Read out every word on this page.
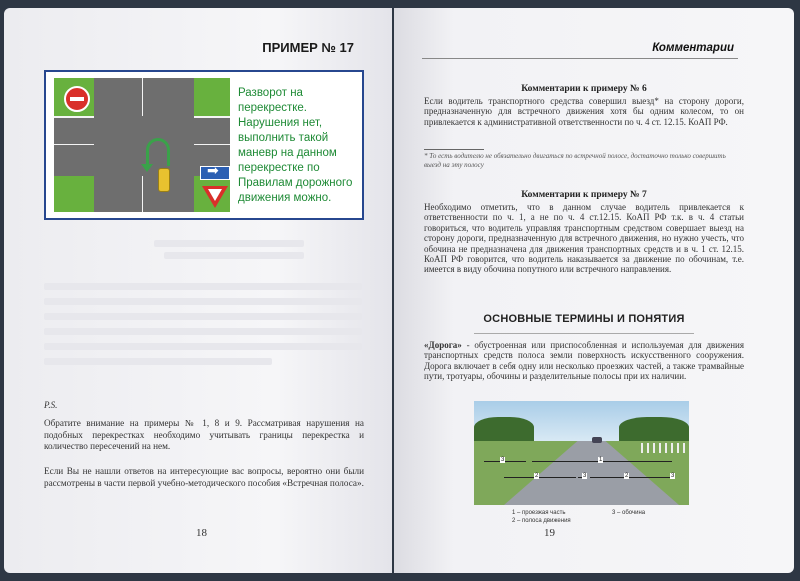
ПРИМЕР № 17
➡
Разворот на
перекрестке.
Нарушения нет,
выполнить такой
маневр на данном
перекрестке по
Правилам дорожного
движения можно.
P.S.
Обратите внимание на примеры № 1, 8 и 9. Рассматривая нарушения на подобных перекрестках необходимо учитывать границы перекрестка и количество пересечений на нем.
Если Вы не нашли ответов на интересующие вас вопросы, вероятно они были рассмотрены в части первой учебно-методического пособия «Встречная полоса».
18
Комментарии
Комментарии к примеру № 6
Если водитель транспортного средства совершил выезд* на сторону дороги, предназначенную для встречного движения хотя бы одним колесом, то он привлекается к административной ответственности по ч. 4 ст. 12.15. КоАП РФ.
* То есть водителю не обязательно двигаться по встречной полосе, достаточно только совершить выезд на эту полосу
Комментарии к примеру № 7
Необходимо отметить, что в данном случае водитель привлекается к ответственности по ч. 1, а не по ч. 4 ст.12.15. КоАП РФ т.к. в ч. 4 статьи говориться, что водитель управляя транспортным средством совершает выезд на сторону дороги, предназначенную для встречного движения, но нужно учесть, что обочина не предназначена для движения транспортных средств и в ч. 1 ст. 12.15. КоАП РФ говорится, что водитель наказывается за движение по обочинам, т.е. имеется в виду обочина попутного или встречного направления.
ОСНОВНЫЕ ТЕРМИНЫ И ПОНЯТИЯ
«Дорога» - обустроенная или приспособленная и используемая для движения транспортных средств полоса земли поверхность искусственного сооружения. Дорога включает в себя одну или несколько проезжих частей, а также трамвайные пути, тротуары, обочины и разделительные полосы при их наличии.
3	1
2	3	2	3
1 – проезжая часть
2 – полоса движения
3 – обочина
19
